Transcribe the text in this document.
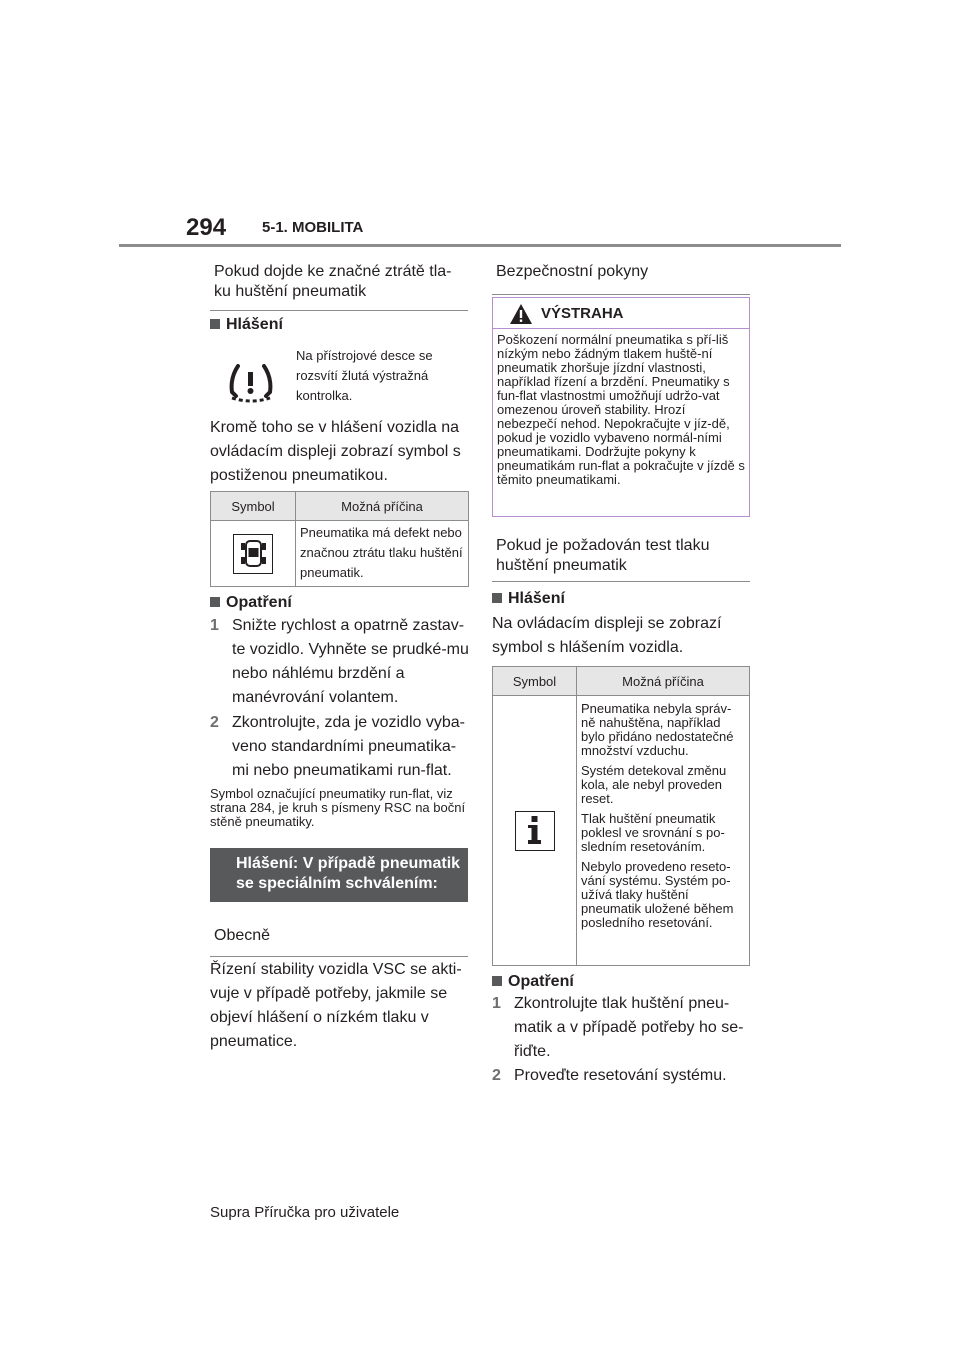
294 5-1. MOBILITA
Pokud dojde ke značné ztrátě tla-ku huštění pneumatik
Hlášení
Na přístrojové desce se rozsvítí žlutá výstražná kontrolka.
Kromě toho se v hlášení vozidla na ovládacím displeji zobrazí symbol s postiženou pneumatikou.
Symbol	Možná příčina

	Pneumatika má defekt nebo značnou ztrátu tlaku huštění pneumatik.
Opatření
1 Snižte rychlost a opatrně zastav-te vozidlo. Vyhněte se prudké-mu nebo náhlému brzdění a manévrování volantem.
2 Zkontrolujte, zda je vozidlo vyba-veno standardními pneumatika-mi nebo pneumatikami run-flat.
Symbol označující pneumatiky run-flat, viz strana 284, je kruh s písmeny RSC na boční stěně pneumatiky.
Hlášení: V případě pneumatik se speciálním schválením:
Obecně
Řízení stability vozidla VSC se akti-vuje v případě potřeby, jakmile se objeví hlášení o nízkém tlaku v pneumatice.
Bezpečnostní pokyny
VÝSTRAHA
Poškození normální pneumatika s pří-liš nízkým nebo žádným tlakem huště-ní pneumatik zhoršuje jízdní vlastnosti, například řízení a brzdění. Pneumatiky s fun-flat vlastnostmi umožňují udržo-vat omezenou úroveň stability. Hrozí nebezpečí nehod. Nepokračujte v jíz-dě, pokud je vozidlo vybaveno normál-ními pneumatikami. Dodržujte pokyny k pneumatikám run-flat a pokračujte v jízdě s těmito pneumatikami.
Pokud je požadován test tlaku huštění pneumatik
Hlášení
Na ovládacím displeji se zobrazí symbol s hlášením vozidla.
Symbol	Možná příčina

Pneumatika nebyla správ-ně nahuštěna, například bylo přidáno nedostatečné množství vzduchu.
Systém detekoval změnu kola, ale nebyl proveden reset.
Tlak huštění pneumatik poklesl ve srovnání s po-sledním resetováním.
Nebylo provedeno reseto-vání systému. Systém po-užívá tlaky huštění pneumatik uložené během posledního resetování.
Opatření
1 Zkontrolujte tlak huštění pneu-matik a v případě potřeby ho se-řiďte.
2 Proveďte resetování systému.
Supra Příručka pro uživatele
